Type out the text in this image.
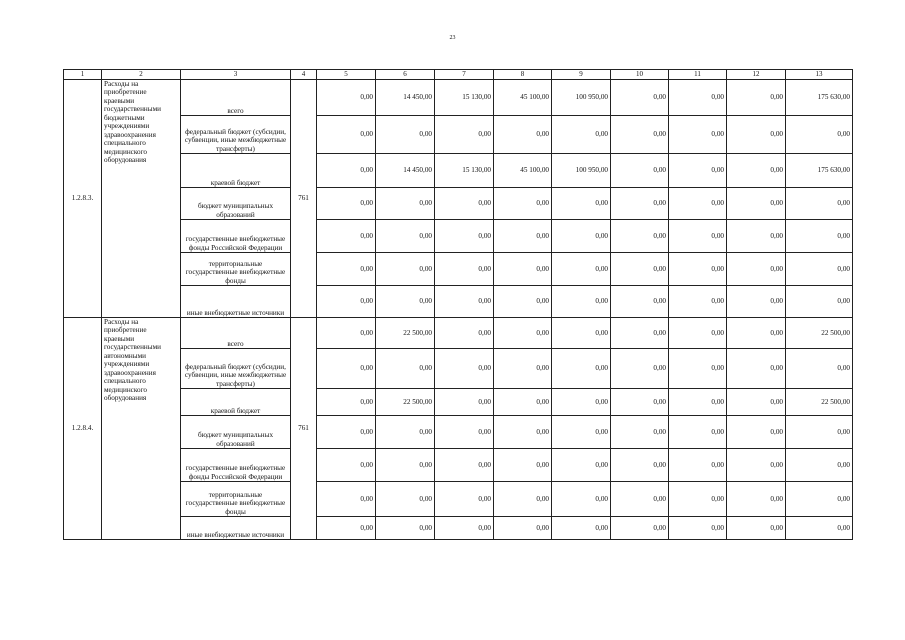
23
1	2	3	4	5	6	7	8	9	10	11	12	13
1.2.8.3.	Расходы на приобретение краевыми государственными бюджетными учреждениями здравоохранения специального медицинского оборудования	всего	761	0,00	14 450,00	15 130,00	45 100,00	100 950,00	0,00	0,00	0,00	175 630,00
		федеральный бюджет (субсидии, субвенции, иные межбюджетные трансферты)		0,00	0,00	0,00	0,00	0,00	0,00	0,00	0,00	0,00
		краевой бюджет		0,00	14 450,00	15 130,00	45 100,00	100 950,00	0,00	0,00	0,00	175 630,00
		бюджет муниципальных образований		0,00	0,00	0,00	0,00	0,00	0,00	0,00	0,00	0,00
		государственные внебюджетные фонды Российской Федерации		0,00	0,00	0,00	0,00	0,00	0,00	0,00	0,00	0,00
		территориальные государственные внебюджетные фонды		0,00	0,00	0,00	0,00	0,00	0,00	0,00	0,00	0,00
		иные внебюджетные источники		0,00	0,00	0,00	0,00	0,00	0,00	0,00	0,00	0,00
1.2.8.4.	Расходы на приобретение краевыми государственными автономными учреждениями здравоохранения специального медицинского оборудования	всего	761	0,00	22 500,00	0,00	0,00	0,00	0,00	0,00	0,00	22 500,00
		федеральный бюджет (субсидии, субвенции, иные межбюджетные трансферты)		0,00	0,00	0,00	0,00	0,00	0,00	0,00	0,00	0,00
		краевой бюджет		0,00	22 500,00	0,00	0,00	0,00	0,00	0,00	0,00	22 500,00
		бюджет муниципальных образований		0,00	0,00	0,00	0,00	0,00	0,00	0,00	0,00	0,00
		государственные внебюджетные фонды Российской Федерации		0,00	0,00	0,00	0,00	0,00	0,00	0,00	0,00	0,00
		территориальные государственные внебюджетные фонды		0,00	0,00	0,00	0,00	0,00	0,00	0,00	0,00	0,00
		иные внебюджетные источники		0,00	0,00	0,00	0,00	0,00	0,00	0,00	0,00	0,00
